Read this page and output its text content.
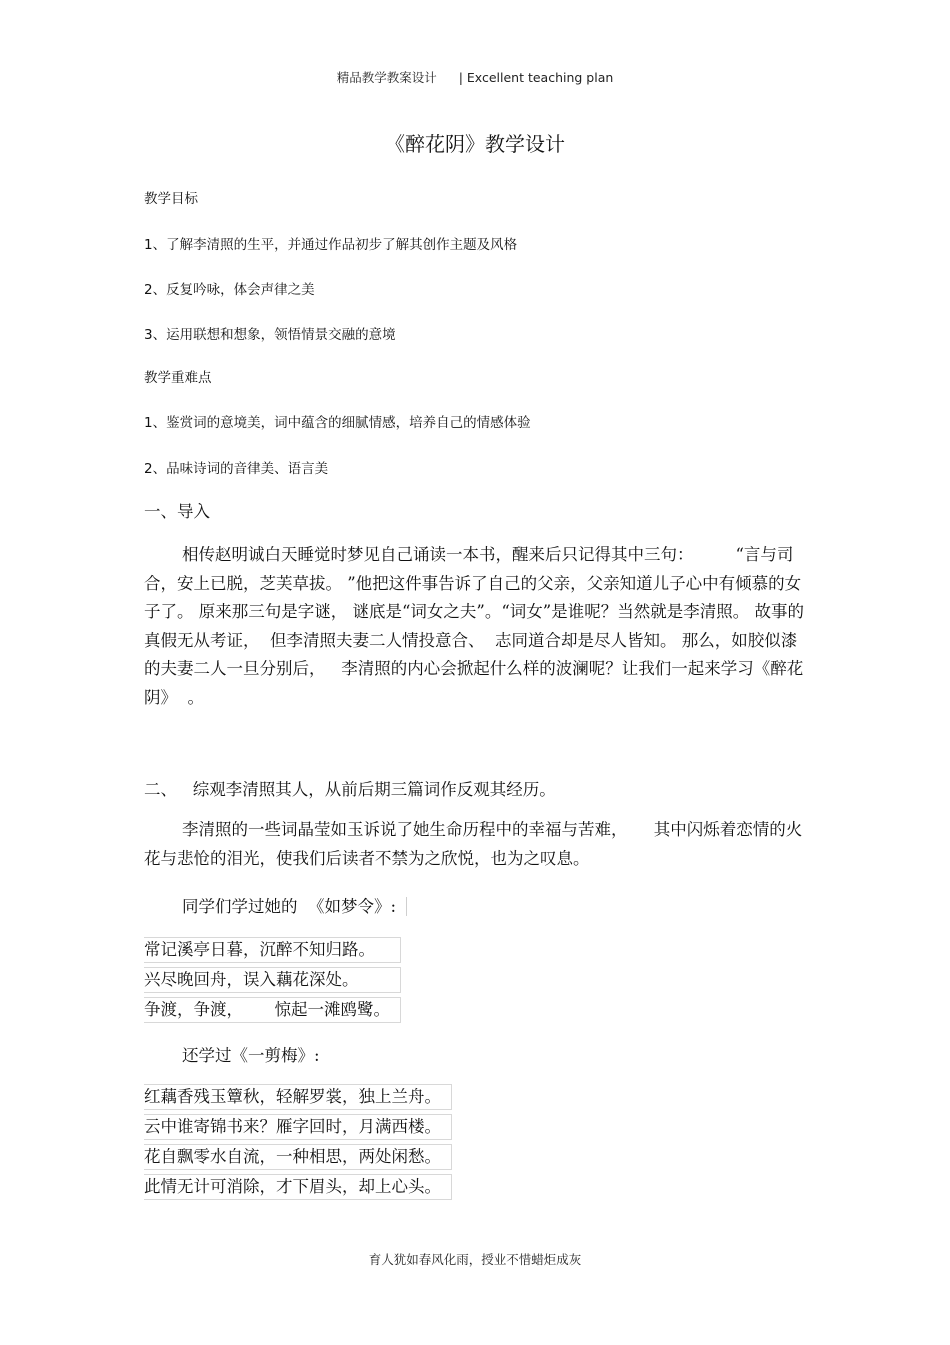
精品教学教案设计 | Excellent teaching plan
《醉花阴》教学设计
教学目标
1、了解李清照的生平，并通过作品初步了解其创作主题及风格
2、反复吟咏，体会声律之美
3、运用联想和想象，领悟情景交融的意境
教学重难点
1、鉴赏词的意境美，词中蕴含的细腻情感，培养自己的情感体验
2、品味诗词的音律美、语言美
一、导入

相传赵明诚白天睡觉时梦见自己诵读一本书，醒来后只记得其中三句：        “言与司合，安上已脱，芝芙草拔。 ”他把这件事告诉了自己的父亲，父亲知道儿子心中有倾慕的女子了。 原来那三句是字谜， 谜底是“词女之夫”。“词女”是谁呢？当然就是李清照。 故事的真假无从考证，  但李清照夫妻二人情投意合、  志同道合却是尽人皆知。 那么，如胶似漆的夫妻二人一旦分别后，   李清照的内心会掀起什么样的波澜呢？让我们一起来学习《醉花阴》  。

二、   综观李清照其人，从前后期三篇词作反观其经历。

李清照的一些词晶莹如玉诉说了她生命历程中的幸福与苦难，     其中闪烁着恋情的火花与悲怆的泪光，使我们后读者不禁为之欣悦，也为之叹息。

同学们学过她的  《如梦令》:
常记溪亭日暮，沉醉不知归路。
兴尽晚回舟，误入藕花深处。
争渡，争渡，      惊起一滩鸥鹭。
还学过《一剪梅》:
红藕香残玉簟秋，轻解罗裳，独上兰舟。
云中谁寄锦书来？雁字回时，月满西楼。
花自飘零水自流，一种相思，两处闲愁。
此情无计可消除，才下眉头，却上心头。
育人犹如春风化雨，授业不惜蜡炬成灰
